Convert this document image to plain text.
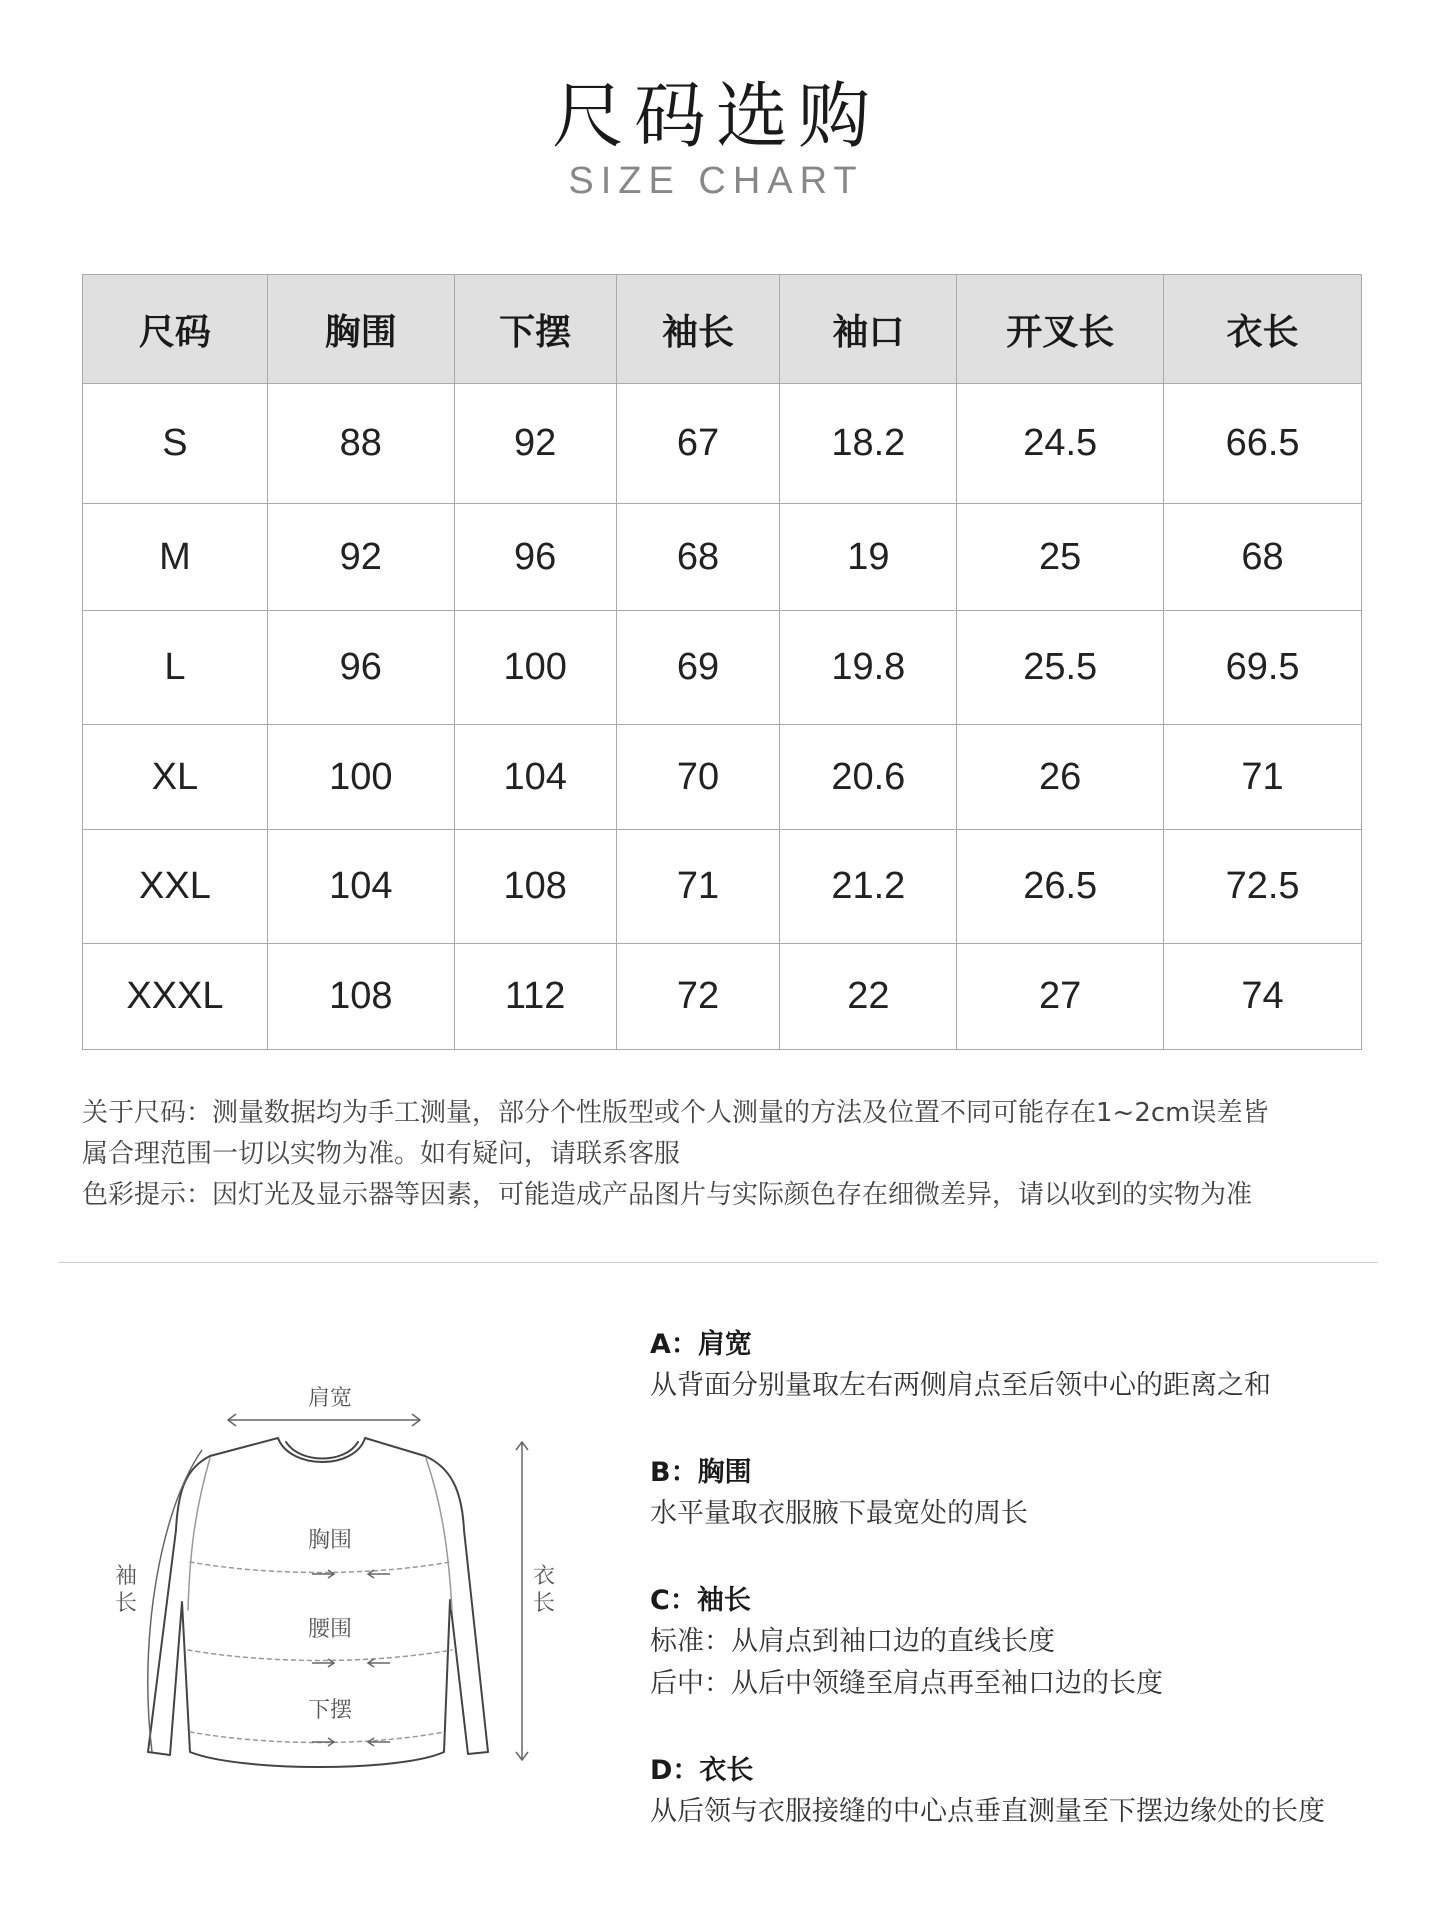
尺码选购
SIZE CHART
尺码	胸围	下摆	袖长	袖口	开叉长	衣长
S	88	92	67	18.2	24.5	66.5
M	92	96	68	19	25	68
L	96	100	69	19.8	25.5	69.5
XL	100	104	70	20.6	26	71
XXL	104	108	71	21.2	26.5	72.5
XXXL	108	112	72	22	27	74

关于尺码：测量数据均为手工测量，部分个性版型或个人测量的方法及位置不同可能存在1~2cm误差皆

属合理范围一切以实物为准。如有疑问，请联系客服

色彩提示：因灯光及显示器等因素，可能造成产品图片与实际颜色存在细微差异，请以收到的实物为准

肩宽
胸围
腰围
下摆
袖
长
衣
长
A：肩宽
从背面分别量取左右两侧肩点至后领中心的距离之和
B：胸围
水平量取衣服腋下最宽处的周长
C：袖长
标准：从肩点到袖口边的直线长度
后中：从后中领缝至肩点再至袖口边的长度
D：衣长
从后领与衣服接缝的中心点垂直测量至下摆边缘处的长度
